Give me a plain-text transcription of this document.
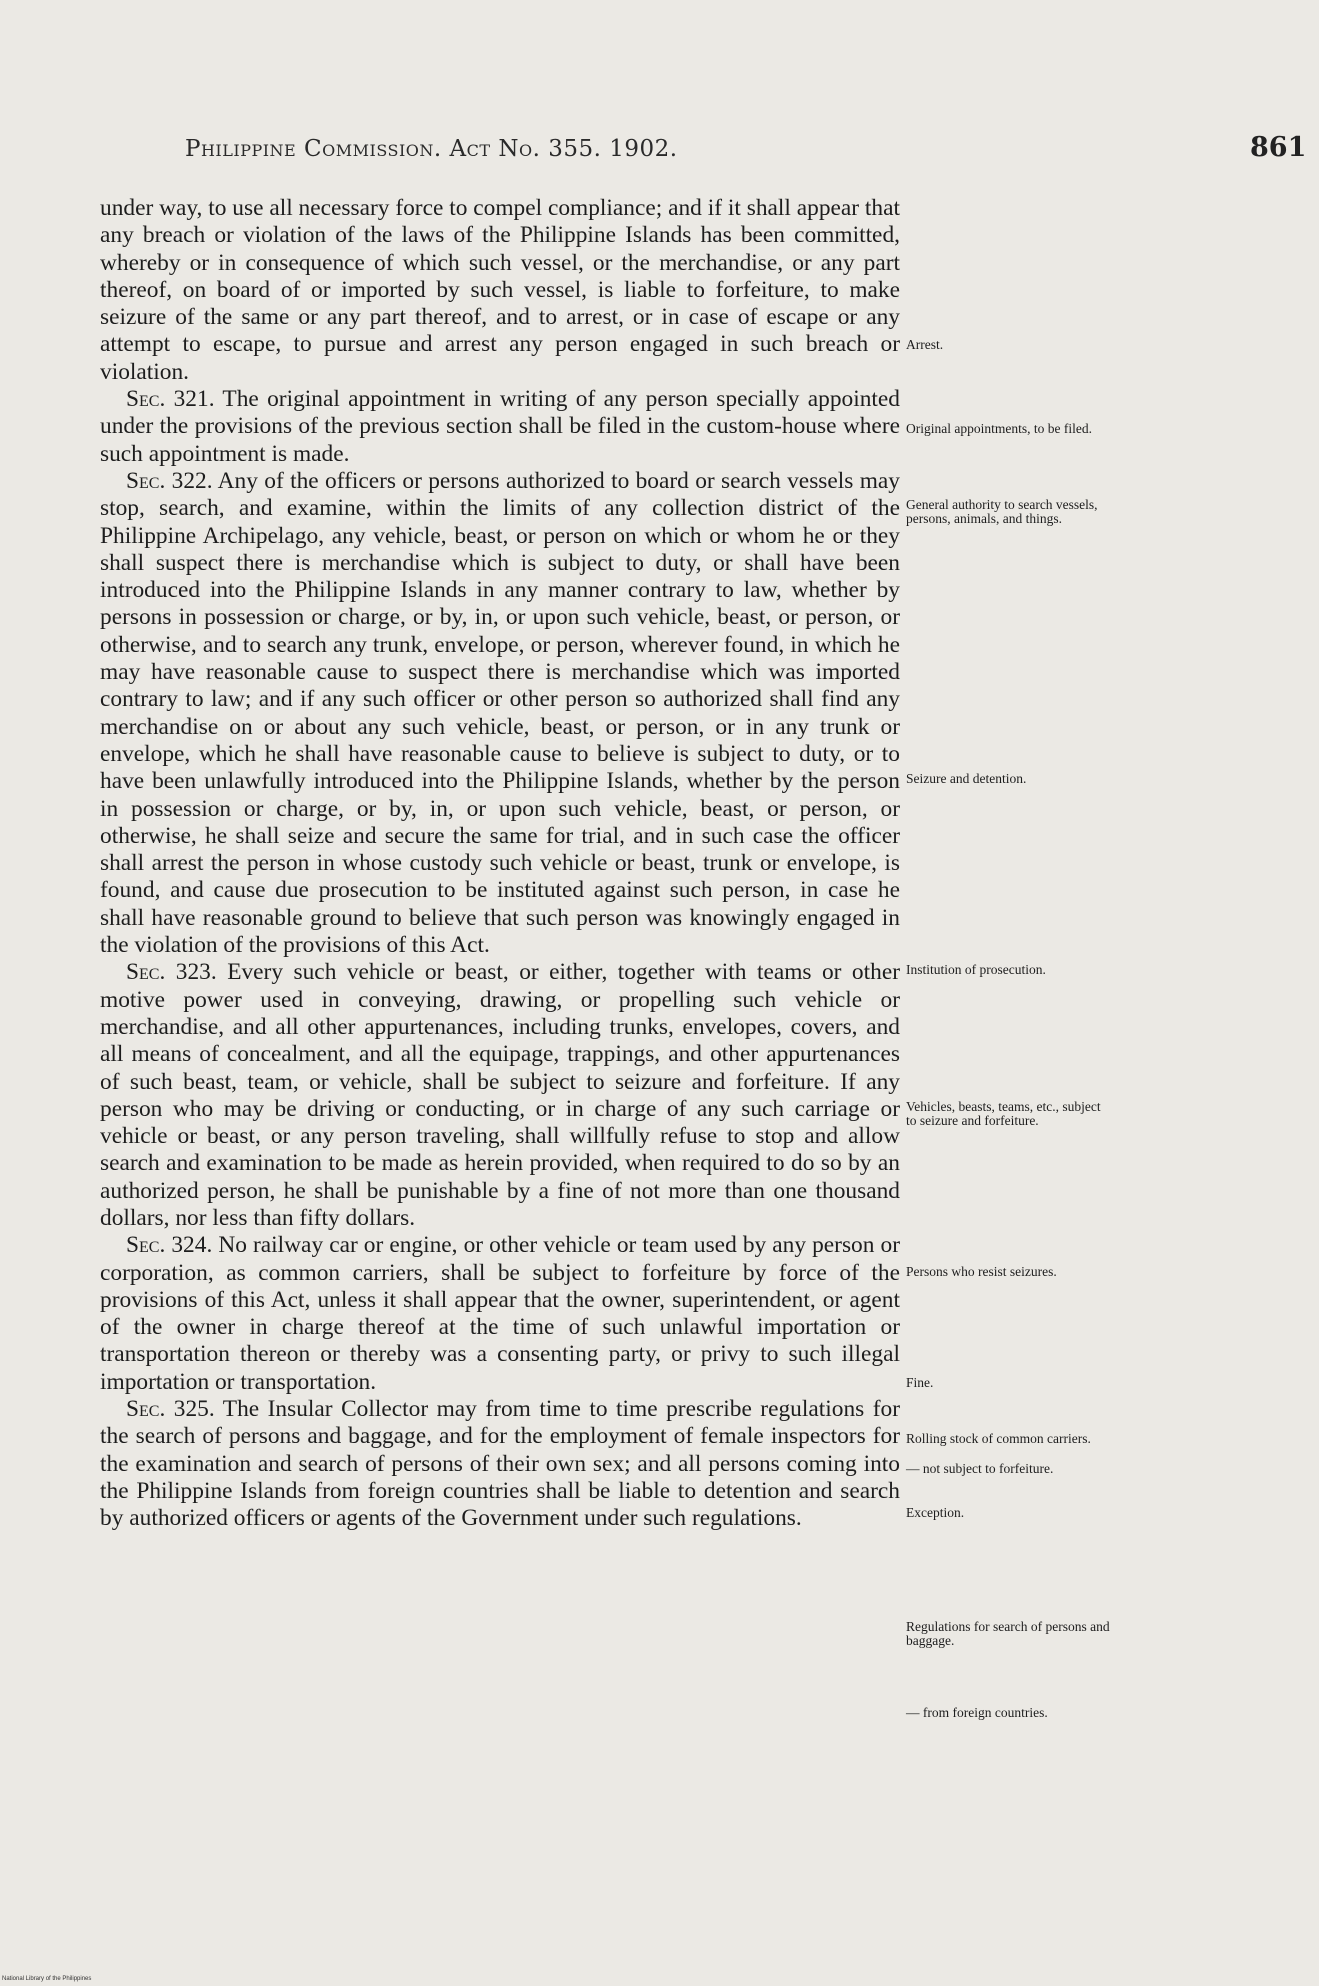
Philippine Commission. Act No. 355. 1902.	861

under way, to use all necessary force to compel compliance; and if it shall appear that any breach or violation of the laws of the Philippine Islands has been committed, whereby or in consequence of which such vessel, or the merchandise, or any part thereof, on board of or imported by such vessel, is liable to forfeiture, to make seizure of the same or any part thereof, and to arrest, or in case of escape or any attempt to escape, to pursue and arrest any person engaged in such breach or violation.

Sec. 321. The original appointment in writing of any person specially appointed under the provisions of the previous section shall be filed in the custom-house where such appointment is made.

Sec. 322. Any of the officers or persons authorized to board or search vessels may stop, search, and examine, within the limits of any collection district of the Philippine Archipelago, any vehicle, beast, or person on which or whom he or they shall suspect there is merchandise which is subject to duty, or shall have been introduced into the Philippine Islands in any manner contrary to law, whether by persons in possession or charge, or by, in, or upon such vehicle, beast, or person, or otherwise, and to search any trunk, envelope, or person, wherever found, in which he may have reasonable cause to suspect there is merchandise which was imported contrary to law; and if any such officer or other person so authorized shall find any merchandise on or about any such vehicle, beast, or person, or in any trunk or envelope, which he shall have reasonable cause to believe is subject to duty, or to have been unlawfully introduced into the Philippine Islands, whether by the person in possession or charge, or by, in, or upon such vehicle, beast, or person, or otherwise, he shall seize and secure the same for trial, and in such case the officer shall arrest the person in whose custody such vehicle or beast, trunk or envelope, is found, and cause due prosecution to be instituted against such person, in case he shall have reasonable ground to believe that such person was knowingly engaged in the violation of the provisions of this Act.

Sec. 323. Every such vehicle or beast, or either, together with teams or other motive power used in conveying, drawing, or propelling such vehicle or merchandise, and all other appurtenances, including trunks, envelopes, covers, and all means of concealment, and all the equipage, trappings, and other appurtenances of such beast, team, or vehicle, shall be subject to seizure and forfeiture. If any person who may be driving or conducting, or in charge of any such carriage or vehicle or beast, or any person traveling, shall willfully refuse to stop and allow search and examination to be made as herein provided, when required to do so by an authorized person, he shall be punishable by a fine of not more than one thousand dollars, nor less than fifty dollars.

Sec. 324. No railway car or engine, or other vehicle or team used by any person or corporation, as common carriers, shall be subject to forfeiture by force of the provisions of this Act, unless it shall appear that the owner, superintendent, or agent of the owner in charge thereof at the time of such unlawful importation or transportation thereon or thereby was a consenting party, or privy to such illegal importation or transportation.

Sec. 325. The Insular Collector may from time to time prescribe regulations for the search of persons and baggage, and for the employment of female inspectors for the examination and search of persons of their own sex; and all persons coming into the Philippine Islands from foreign countries shall be liable to detention and search by authorized officers or agents of the Government under such regulations.

Arrest.
Original appointments, to be filed.
General authority to search vessels, persons, animals, and things.
Seizure and detention.
Institution of prosecution.
Vehicles, beasts, teams, etc., subject to seizure and forfeiture.
Persons who resist seizures.
Fine.
Rolling stock of common carriers.
— not subject to forfeiture.
Exception.
Regulations for search of persons and baggage.
— from foreign countries.
National Library of the Philippines
